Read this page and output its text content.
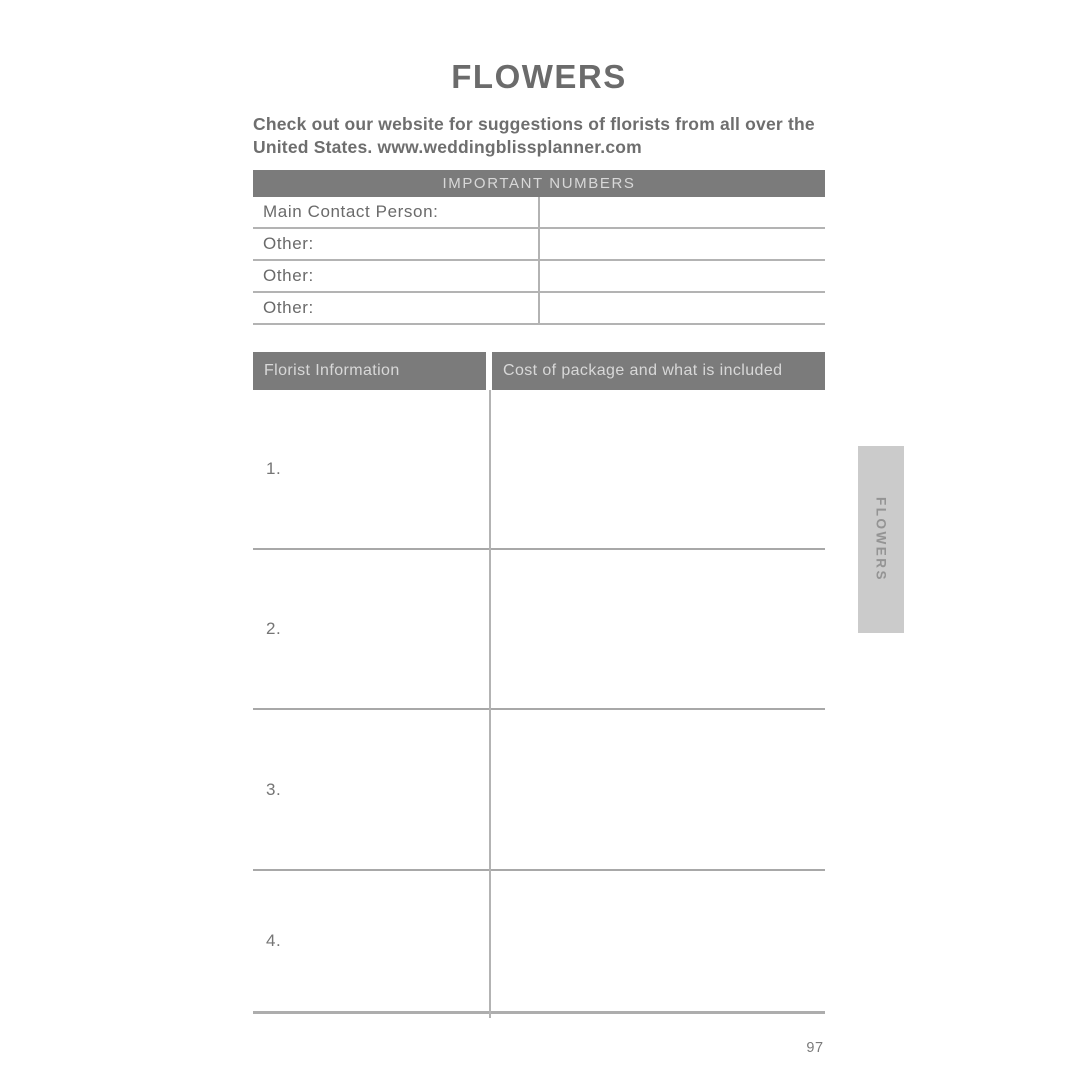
FLOWERS
Check out our website for suggestions of florists from all over the United States. www.weddingblissplanner.com
IMPORTANT NUMBERS
Main Contact Person:
Other:
Other:
Other:
Florist Information	Cost of package and what is included
1.
2.
3.
4.
FLOWERS
97
